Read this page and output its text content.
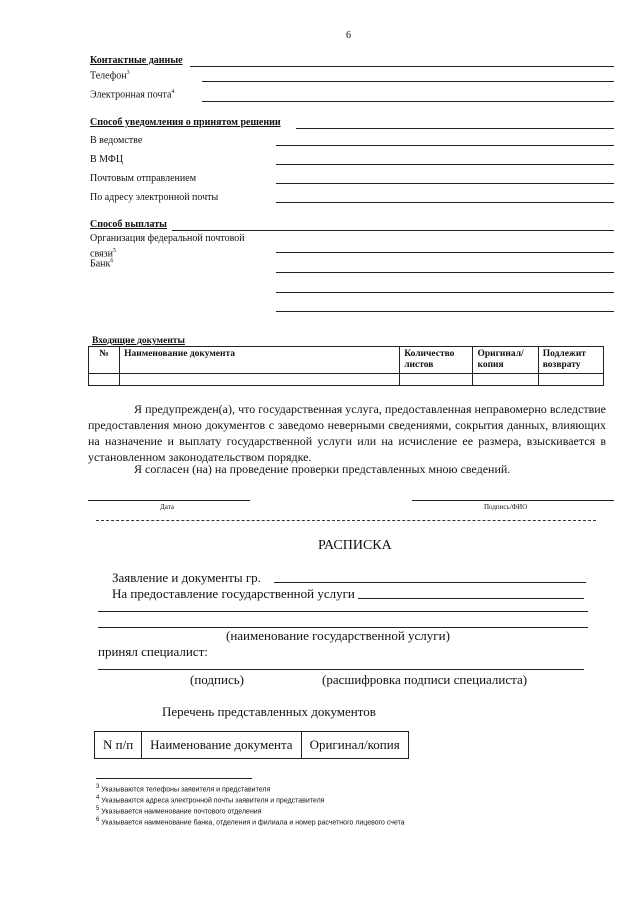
6
Контактные данные
Телефон$^3$
Электронная почта$^4$
Способ уведомления о принятом решении
В ведомстве
В МФЦ
Почтовым отправлением
По адресу электронной почты
Способ выплаты
Организация федеральной почтовой
связи$^5$
Банк$^6$
Входящие документы
№	Наименование документа	Количество листов	Оригинал/ копия	Подлежит возврату

Я предупрежден(а), что государственная услуга, предоставленная неправомерно вследствие предоставления мною документов с заведомо неверными сведениями, сокрытия данных, влияющих на назначение и выплату государственной услуги или на исчисление ее размера, взыскивается в установленном законодательством порядке.
Я согласен (на) на проведение проверки представленных мною сведений.
Дата	Подпись/ФИО
РАСПИСКА
Заявление и документы гр.
На предоставление государственной услуги
(наименование государственной услуги)
принял специалист:
(подпись)	(расшифровка подписи специалиста)
Перечень представленных документов
N п/п	Наименование документа	Оригинал/копия
$^3$ Указываются телефоны заявителя и представителя
$^4$ Указываются адреса электронной почты заявителя и представителя
$^5$ Указывается наименование почтового отделения
$^6$ Указывается наименование банка, отделения и филиала и номер расчетного лицевого счета
